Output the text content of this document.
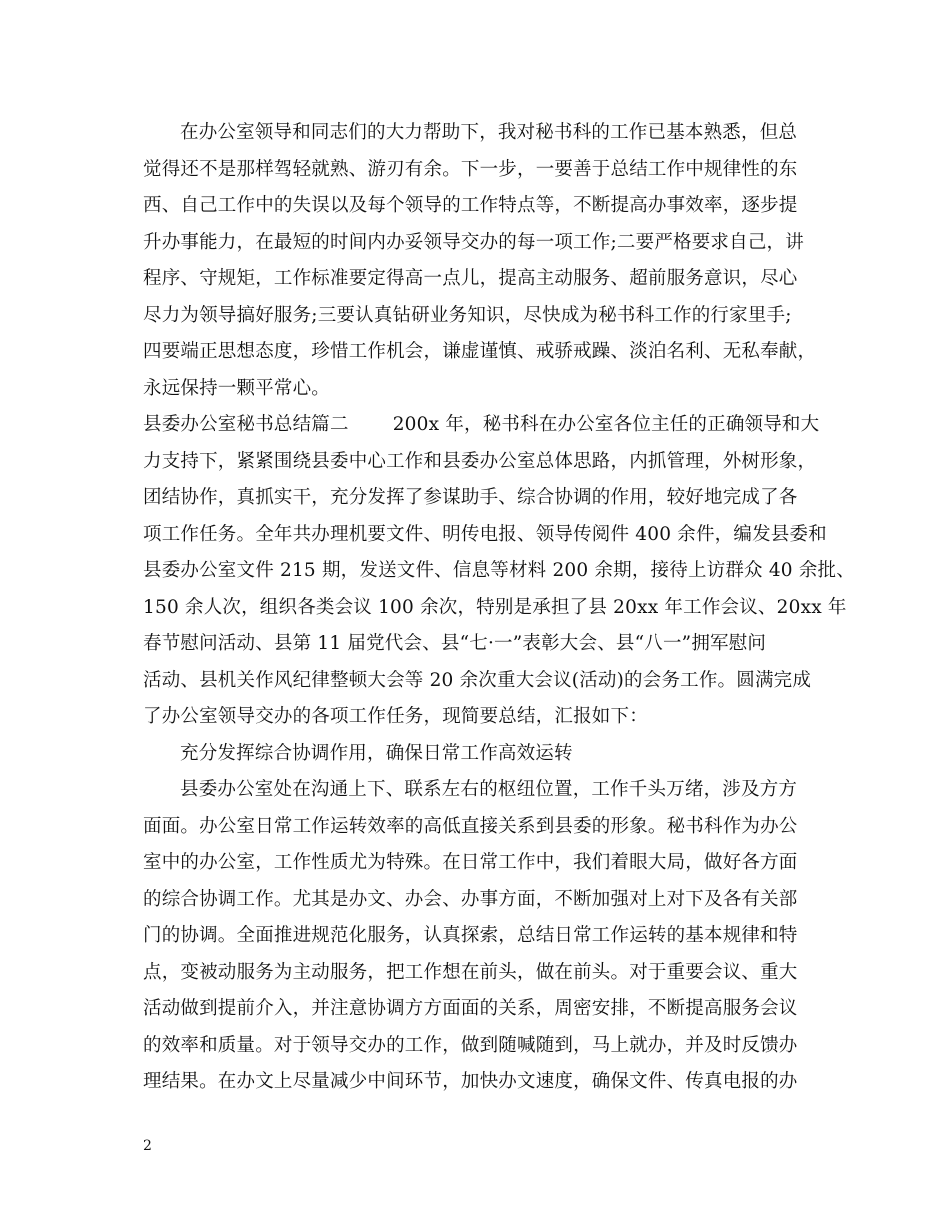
在办公室领导和同志们的大力帮助下，我对秘书科的工作已基本熟悉，但总
觉得还不是那样驾轻就熟、游刃有余。下一步，一要善于总结工作中规律性的东
西、自己工作中的失误以及每个领导的工作特点等，不断提高办事效率，逐步提
升办事能力，在最短的时间内办妥领导交办的每一项工作;二要严格要求自己，讲
程序、守规矩，工作标准要定得高一点儿，提高主动服务、超前服务意识，尽心
尽力为领导搞好服务;三要认真钻研业务知识，尽快成为秘书科工作的行家里手;
四要端正思想态度，珍惜工作机会，谦虚谨慎、戒骄戒躁、淡泊名利、无私奉献，
永远保持一颗平常心。
县委办公室秘书总结篇二 200x 年，秘书科在办公室各位主任的正确领导和大
力支持下，紧紧围绕县委中心工作和县委办公室总体思路，内抓管理，外树形象，
团结协作，真抓实干，充分发挥了参谋助手、综合协调的作用，较好地完成了各
项工作任务。全年共办理机要文件、明传电报、领导传阅件 400 余件，编发县委和
县委办公室文件 215 期，发送文件、信息等材料 200 余期，接待上访群众 40 余批、
150 余人次，组织各类会议 100 余次，特别是承担了县 20xx 年工作会议、20xx 年
春节慰问活动、县第 11 届党代会、县“七·一”表彰大会、县“八一”拥军慰问
活动、县机关作风纪律整顿大会等 20 余次重大会议(活动)的会务工作。圆满完成
了办公室领导交办的各项工作任务，现简要总结，汇报如下：
充分发挥综合协调作用，确保日常工作高效运转
县委办公室处在沟通上下、联系左右的枢纽位置，工作千头万绪，涉及方方
面面。办公室日常工作运转效率的高低直接关系到县委的形象。秘书科作为办公
室中的办公室，工作性质尤为特殊。在日常工作中，我们着眼大局，做好各方面
的综合协调工作。尤其是办文、办会、办事方面，不断加强对上对下及各有关部
门的协调。全面推进规范化服务，认真探索，总结日常工作运转的基本规律和特
点，变被动服务为主动服务，把工作想在前头，做在前头。对于重要会议、重大
活动做到提前介入，并注意协调方方面面的关系，周密安排，不断提高服务会议
的效率和质量。对于领导交办的工作，做到随喊随到，马上就办，并及时反馈办
理结果。在办文上尽量减少中间环节，加快办文速度，确保文件、传真电报的办
2
